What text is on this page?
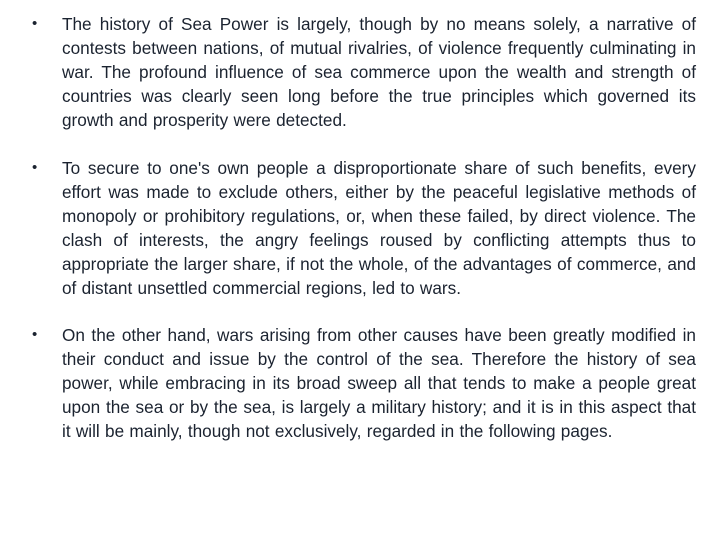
• The history of Sea Power is largely, though by no means solely, a narrative of contests between nations, of mutual rivalries, of violence frequently culminating in war. The profound influence of sea commerce upon the wealth and strength of countries was clearly seen long before the true principles which governed its growth and prosperity were detected.
• To secure to one's own people a disproportionate share of such benefits, every effort was made to exclude others, either by the peaceful legislative methods of monopoly or prohibitory regulations, or, when these failed, by direct violence. The clash of interests, the angry feelings roused by conflicting attempts thus to appropriate the larger share, if not the whole, of the advantages of commerce, and of distant unsettled commercial regions, led to wars.
• On the other hand, wars arising from other causes have been greatly modified in their conduct and issue by the control of the sea. Therefore the history of sea power, while embracing in its broad sweep all that tends to make a people great upon the sea or by the sea, is largely a military history; and it is in this aspect that it will be mainly, though not exclusively, regarded in the following pages.
